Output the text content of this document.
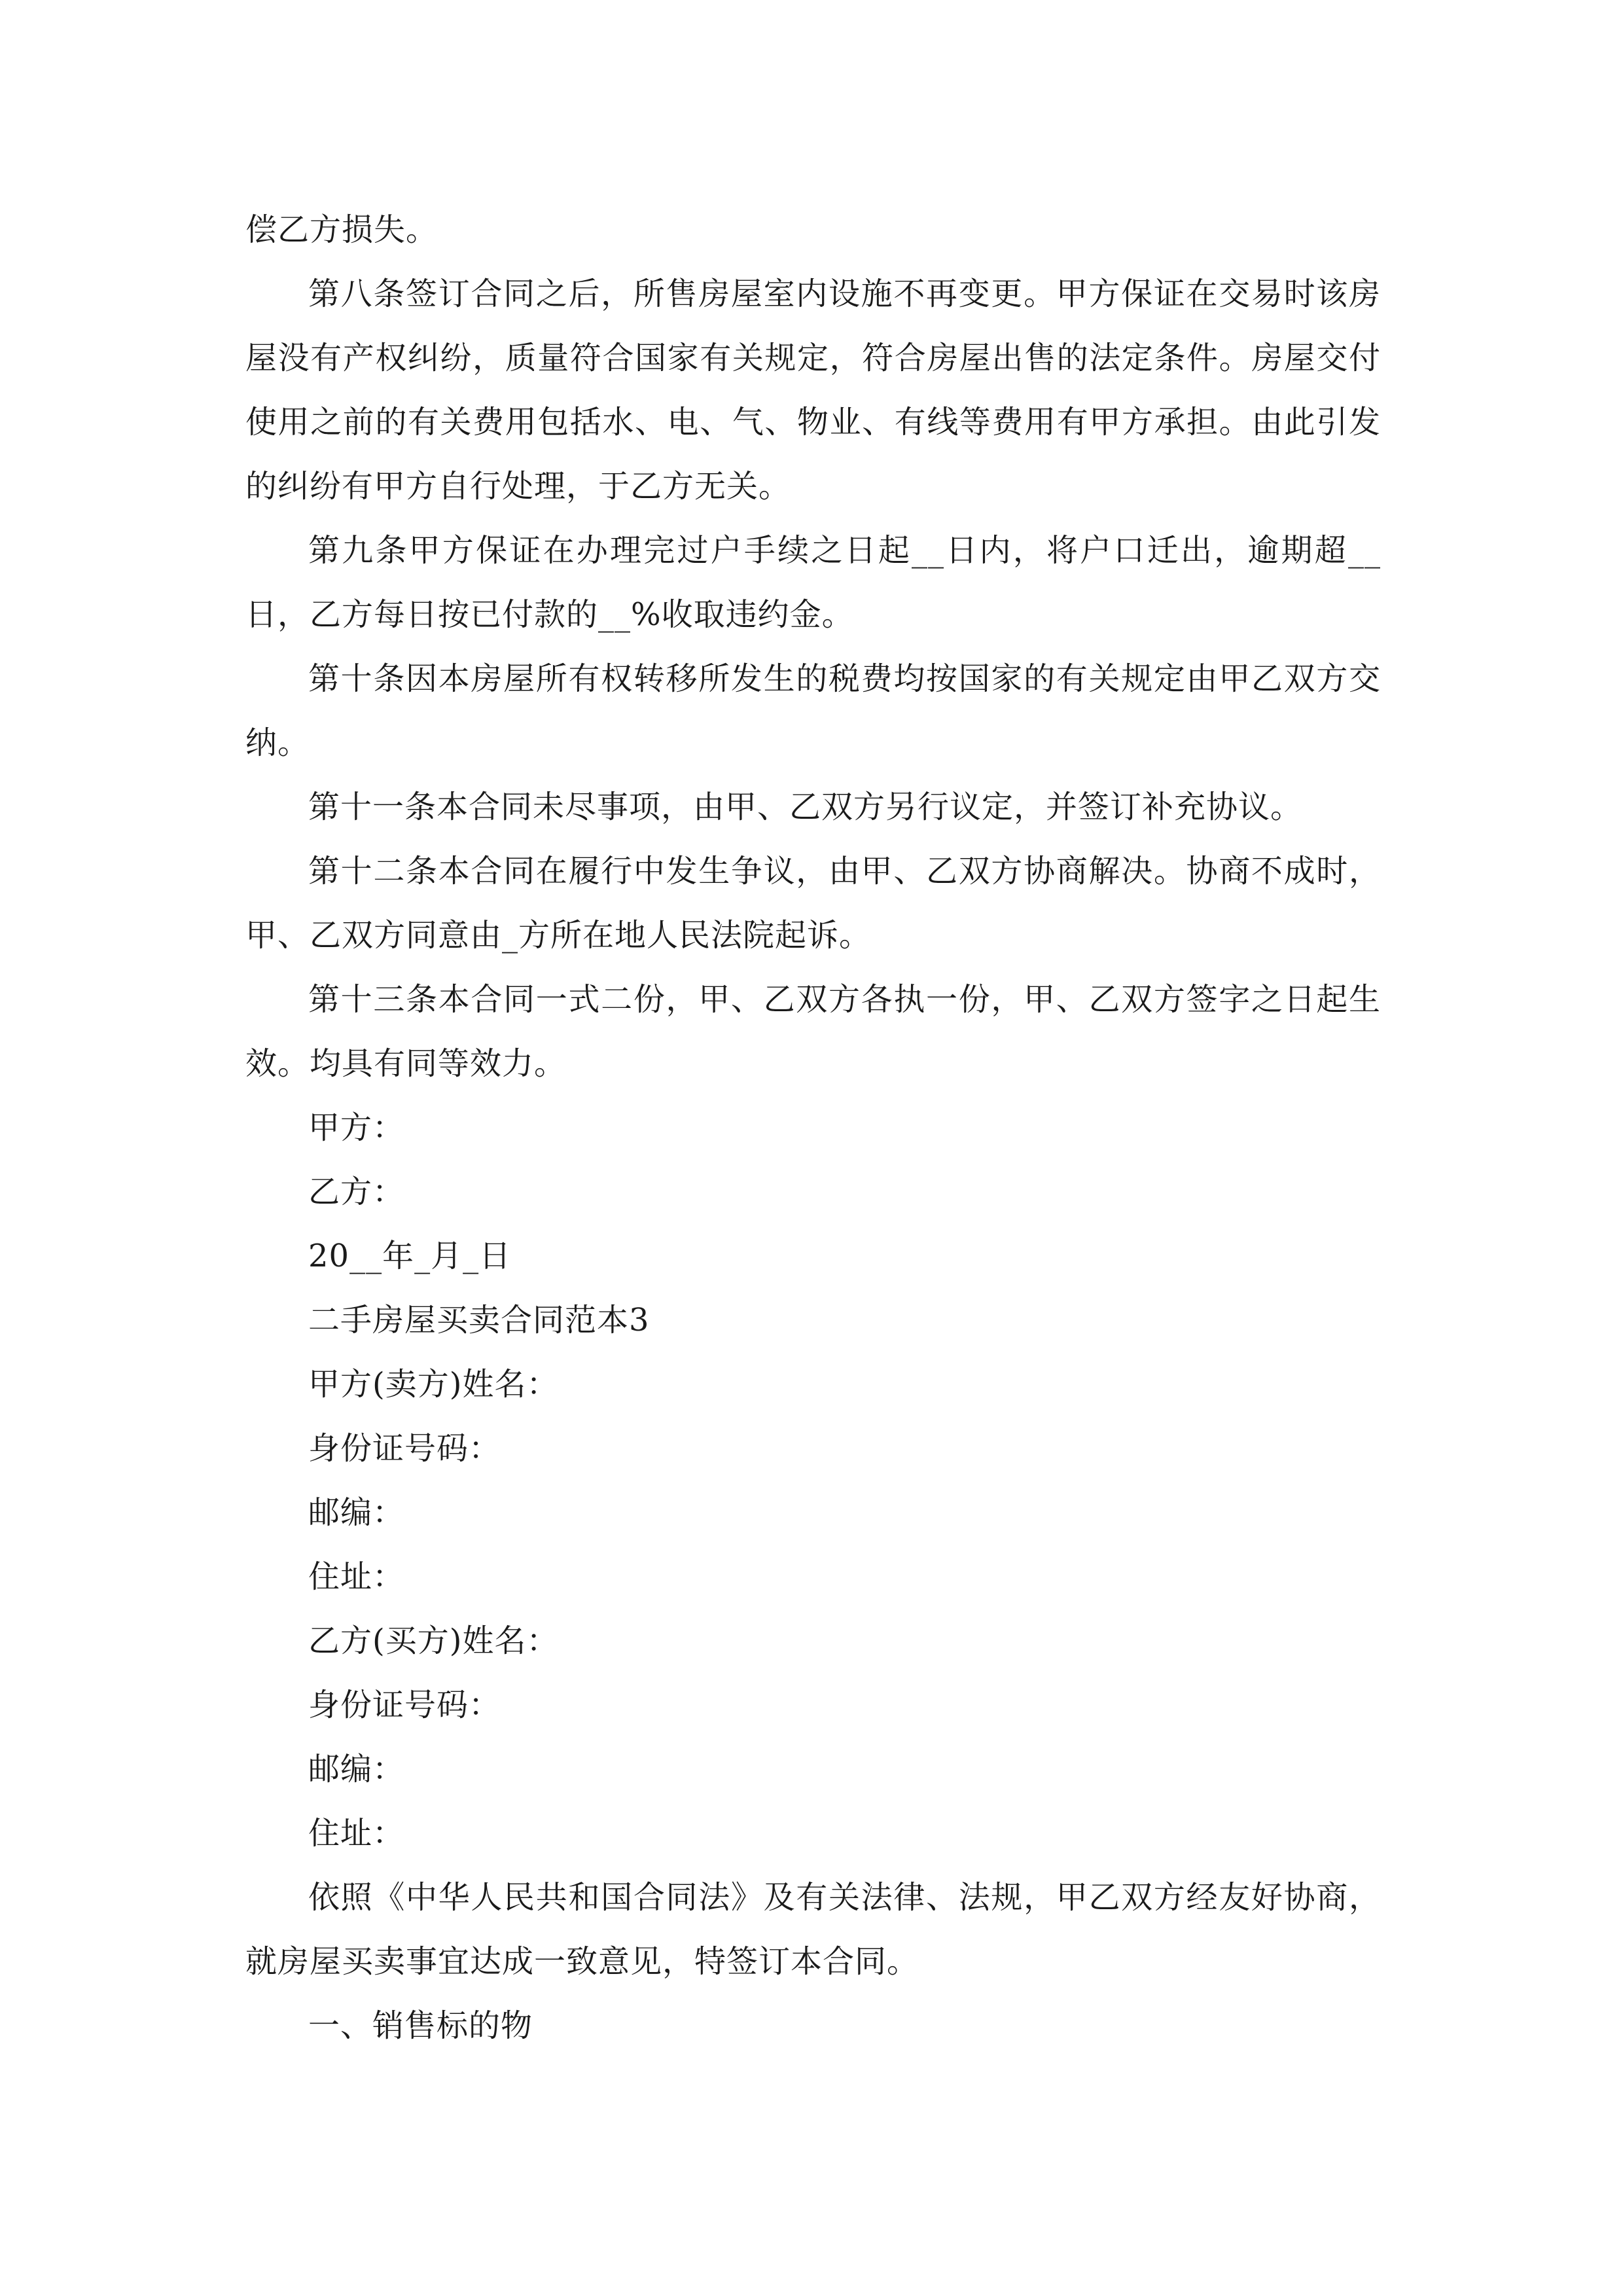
偿乙方损失。

第八条签订合同之后，所售房屋室内设施不再变更。甲方保证在交易时该房屋没有产权纠纷，质量符合国家有关规定，符合房屋出售的法定条件。房屋交付使用之前的有关费用包括水、电、气、物业、有线等费用有甲方承担。由此引发的纠纷有甲方自行处理，于乙方无关。

第九条甲方保证在办理完过户手续之日起__日内，将户口迁出，逾期超__日，乙方每日按已付款的__%收取违约金。

第十条因本房屋所有权转移所发生的税费均按国家的有关规定由甲乙双方交纳。

第十一条本合同未尽事项，由甲、乙双方另行议定，并签订补充协议。

第十二条本合同在履行中发生争议，由甲、乙双方协商解决。协商不成时，甲、乙双方同意由_方所在地人民法院起诉。

第十三条本合同一式二份，甲、乙双方各执一份，甲、乙双方签字之日起生效。均具有同等效力。

甲方：

乙方：

20__年_月_日

二手房屋买卖合同范本3

甲方(卖方)姓名：

身份证号码：

邮编：

住址：

乙方(买方)姓名：

身份证号码：

邮编：

住址：

依照《中华人民共和国合同法》及有关法律、法规，甲乙双方经友好协商，就房屋买卖事宜达成一致意见，特签订本合同。

一、销售标的物
